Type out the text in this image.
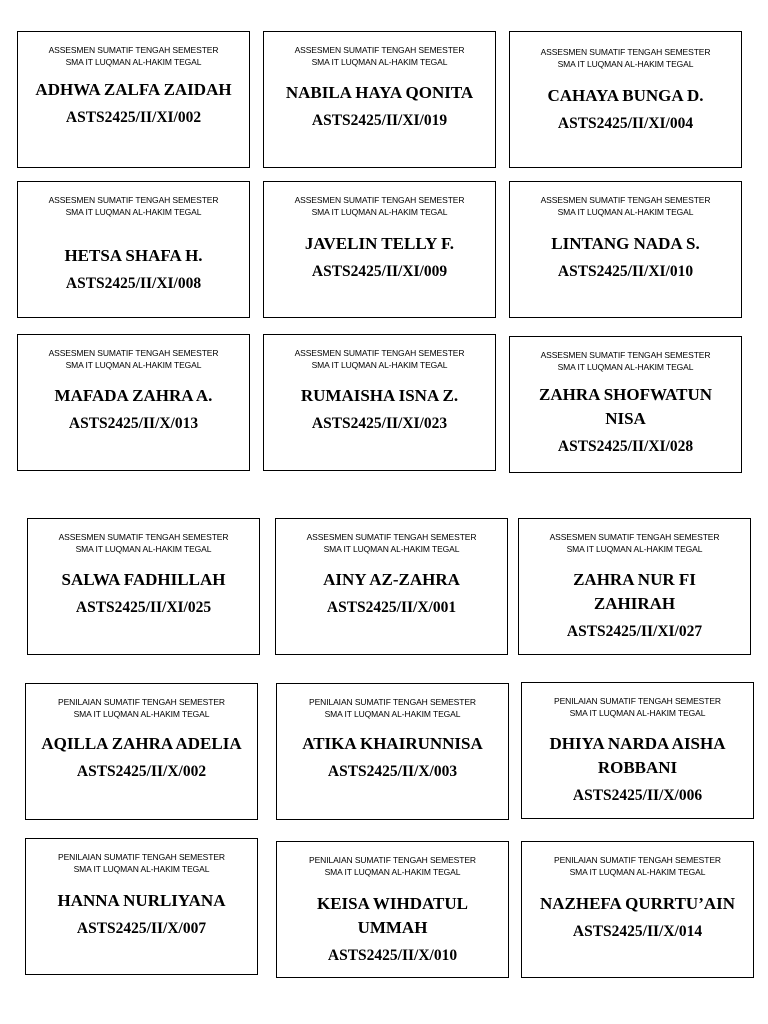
ASSESMEN SUMATIF TENGAH SEMESTER
SMA IT LUQMAN AL-HAKIM TEGAL
ADHWA ZALFA ZAIDAH
ASTS2425/II/XI/002
ASSESMEN SUMATIF TENGAH SEMESTER
SMA IT LUQMAN AL-HAKIM TEGAL
NABILA HAYA QONITA
ASTS2425/II/XI/019
ASSESMEN SUMATIF TENGAH SEMESTER
SMA IT LUQMAN AL-HAKIM TEGAL
CAHAYA BUNGA D.
ASTS2425/II/XI/004
ASSESMEN SUMATIF TENGAH SEMESTER
SMA IT LUQMAN AL-HAKIM TEGAL
HETSA SHAFA H.
ASTS2425/II/XI/008
ASSESMEN SUMATIF TENGAH SEMESTER
SMA IT LUQMAN AL-HAKIM TEGAL
JAVELIN TELLY F.
ASTS2425/II/XI/009
ASSESMEN SUMATIF TENGAH SEMESTER
SMA IT LUQMAN AL-HAKIM TEGAL
LINTANG NADA S.
ASTS2425/II/XI/010
ASSESMEN SUMATIF TENGAH SEMESTER
SMA IT LUQMAN AL-HAKIM TEGAL
MAFADA ZAHRA A.
ASTS2425/II/X/013
ASSESMEN SUMATIF TENGAH SEMESTER
SMA IT LUQMAN AL-HAKIM TEGAL
RUMAISHA ISNA Z.
ASTS2425/II/XI/023
ASSESMEN SUMATIF TENGAH SEMESTER
SMA IT LUQMAN AL-HAKIM TEGAL
ZAHRA SHOFWATUN NISA
ASTS2425/II/XI/028
ASSESMEN SUMATIF TENGAH SEMESTER
SMA IT LUQMAN AL-HAKIM TEGAL
SALWA FADHILLAH
ASTS2425/II/XI/025
ASSESMEN SUMATIF TENGAH SEMESTER
SMA IT LUQMAN AL-HAKIM TEGAL
AINY AZ-ZAHRA
ASTS2425/II/X/001
ASSESMEN SUMATIF TENGAH SEMESTER
SMA IT LUQMAN AL-HAKIM TEGAL
ZAHRA NUR FI ZAHIRAH
ASTS2425/II/XI/027
PENILAIAN SUMATIF TENGAH SEMESTER
SMA IT LUQMAN AL-HAKIM TEGAL
AQILLA ZAHRA ADELIA
ASTS2425/II/X/002
PENILAIAN SUMATIF TENGAH SEMESTER
SMA IT LUQMAN AL-HAKIM TEGAL
ATIKA KHAIRUNNISA
ASTS2425/II/X/003
PENILAIAN SUMATIF TENGAH SEMESTER
SMA IT LUQMAN AL-HAKIM TEGAL
DHIYA NARDA AISHA ROBBANI
ASTS2425/II/X/006
PENILAIAN SUMATIF TENGAH SEMESTER
SMA IT LUQMAN AL-HAKIM TEGAL
HANNA NURLIYANA
ASTS2425/II/X/007
PENILAIAN SUMATIF TENGAH SEMESTER
SMA IT LUQMAN AL-HAKIM TEGAL
KEISA WIHDATUL UMMAH
ASTS2425/II/X/010
PENILAIAN SUMATIF TENGAH SEMESTER
SMA IT LUQMAN AL-HAKIM TEGAL
NAZHEFA QURRTU’AIN
ASTS2425/II/X/014
